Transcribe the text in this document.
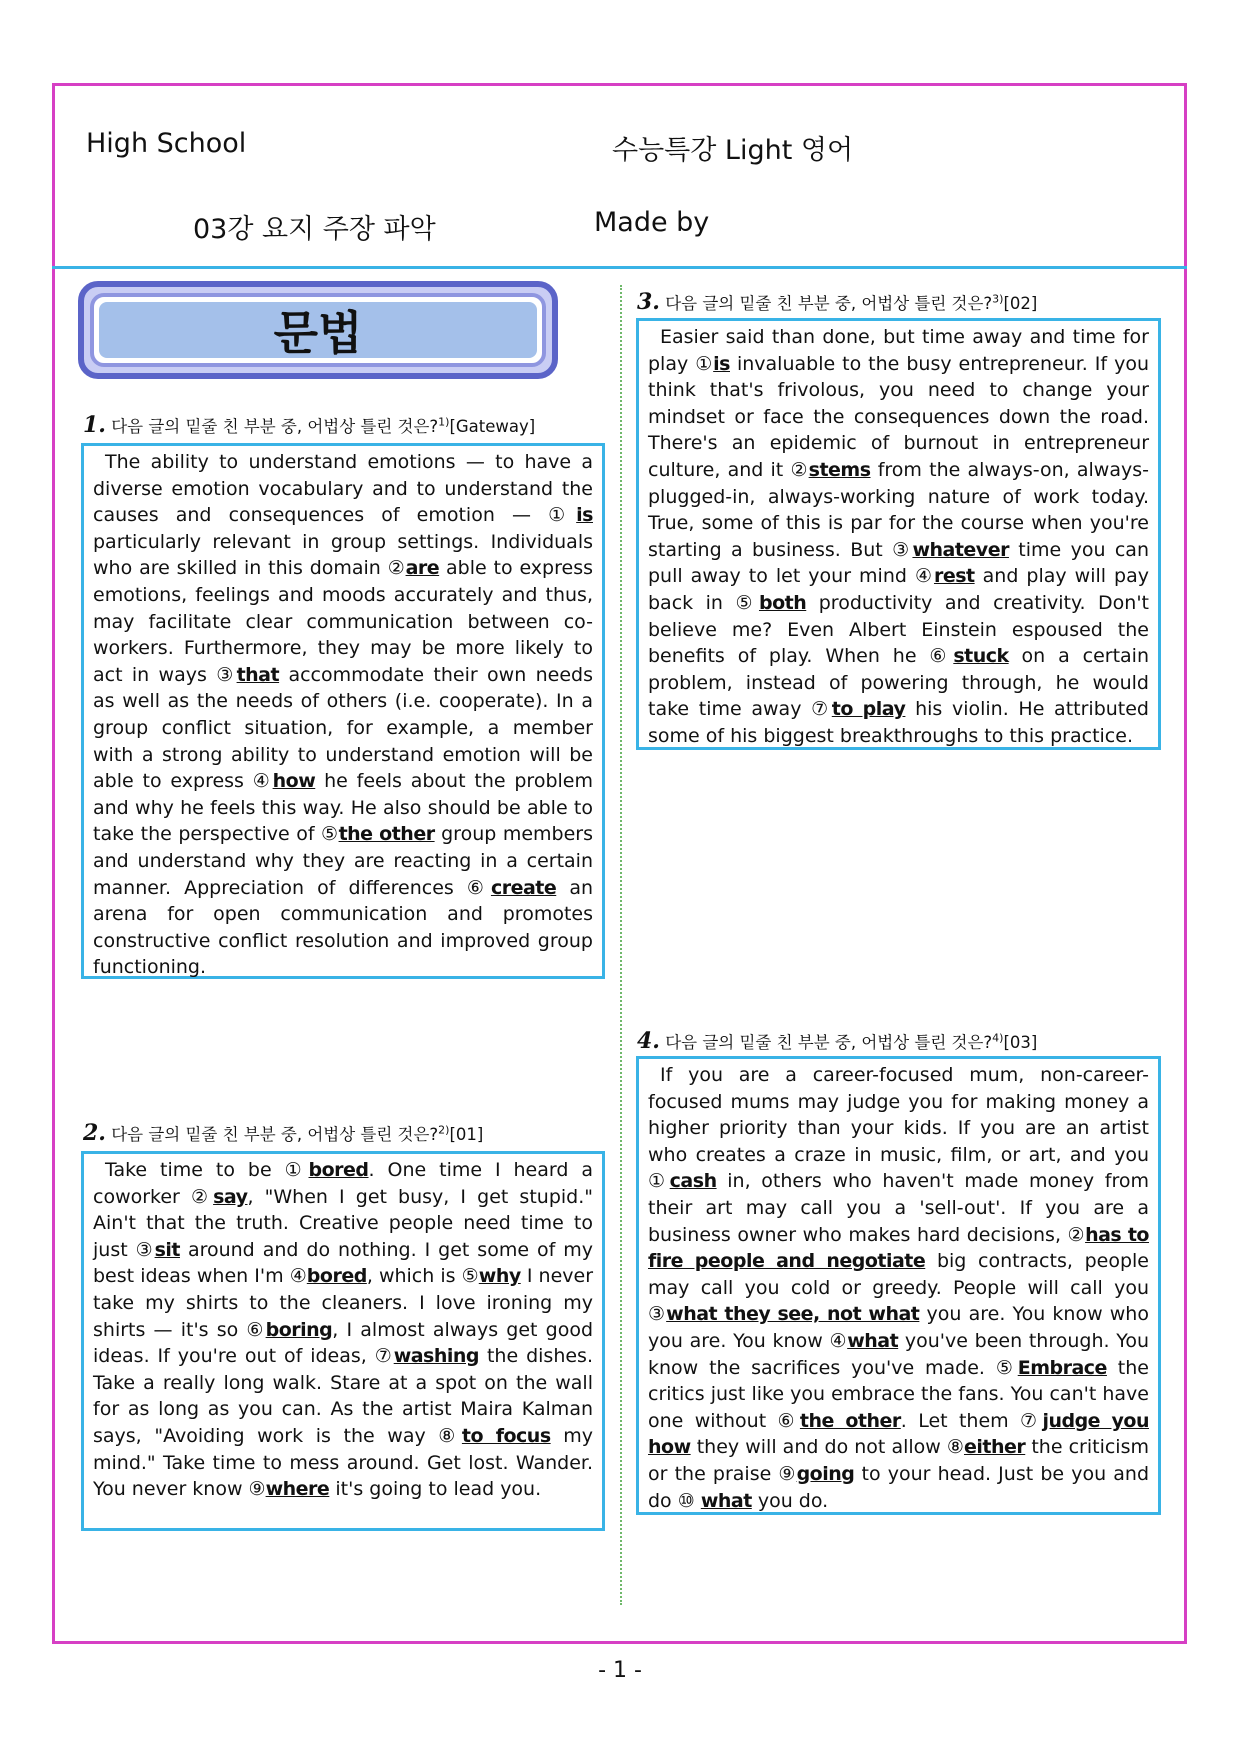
High School	수능특강 Light 영어
03강 요지 주장 파악	Made by
문법
1. 다음 글의 밑줄 친 부분 중, 어법상 틀린 것은?$^{1)}$[Gateway]

The ability to understand emotions — to have a diverse emotion vocabulary and to understand the causes and consequences of emotion — ①is particularly relevant in group settings. Individuals who are skilled in this domain ②are able to express emotions, feelings and moods accurately and thus, may facilitate clear communication between co-workers. Furthermore, they may be more likely to act in ways ③that accommodate their own needs as well as the needs of others (i.e. cooperate). In a group conflict situation, for example, a member with a strong ability to understand emotion will be able to express ④how he feels about the problem and why he feels this way. He also should be able to take the perspective of ⑤the other group members and understand why they are reacting in a certain manner. Appreciation of differences ⑥create an arena for open communication and promotes constructive conflict resolution and improved group functioning.

2. 다음 글의 밑줄 친 부분 중, 어법상 틀린 것은?$^{2)}$[01]

Take time to be ①bored. One time I heard a coworker ②say, "When I get busy, I get stupid." Ain't that the truth. Creative people need time to just ③sit around and do nothing. I get some of my best ideas when I'm ④bored, which is ⑤why I never take my shirts to the cleaners. I love ironing my shirts — it's so ⑥boring, I almost always get good ideas. If you're out of ideas, ⑦washing the dishes. Take a really long walk. Stare at a spot on the wall for as long as you can. As the artist Maira Kalman says, "Avoiding work is the way ⑧to focus my mind." Take time to mess around. Get lost. Wander. You never know ⑨where it's going to lead you.

3. 다음 글의 밑줄 친 부분 중, 어법상 틀린 것은?$^{3)}$[02]

Easier said than done, but time away and time for play ①is invaluable to the busy entrepreneur. If you think that's frivolous, you need to change your mindset or face the consequences down the road. There's an epidemic of burnout in entrepreneur culture, and it ②stems from the always-on, always-plugged-in, always-working nature of work today. True, some of this is par for the course when you're starting a business. But ③whatever time you can pull away to let your mind ④rest and play will pay back in ⑤both productivity and creativity. Don't believe me? Even Albert Einstein espoused the benefits of play. When he ⑥stuck on a certain problem, instead of powering through, he would take time away ⑦to play his violin. He attributed some of his biggest breakthroughs to this practice.

4. 다음 글의 밑줄 친 부분 중, 어법상 틀린 것은?$^{4)}$[03]

If you are a career-focused mum, non-career-focused mums may judge you for making money a higher priority than your kids. If you are an artist who creates a craze in music, film, or art, and you ①cash in, others who haven't made money from their art may call you a 'sell-out'. If you are a business owner who makes hard decisions, ②has to fire people and negotiate big contracts, people may call you cold or greedy. People will call you ③what they see, not what you are. You know who you are. You know ④what you've been through. You know the sacrifices you've made. ⑤Embrace the critics just like you embrace the fans. You can't have one without ⑥the other. Let them ⑦judge you how they will and do not allow ⑧either the criticism or the praise ⑨going to your head. Just be you and do ⑩ what you do.

- 1 -
